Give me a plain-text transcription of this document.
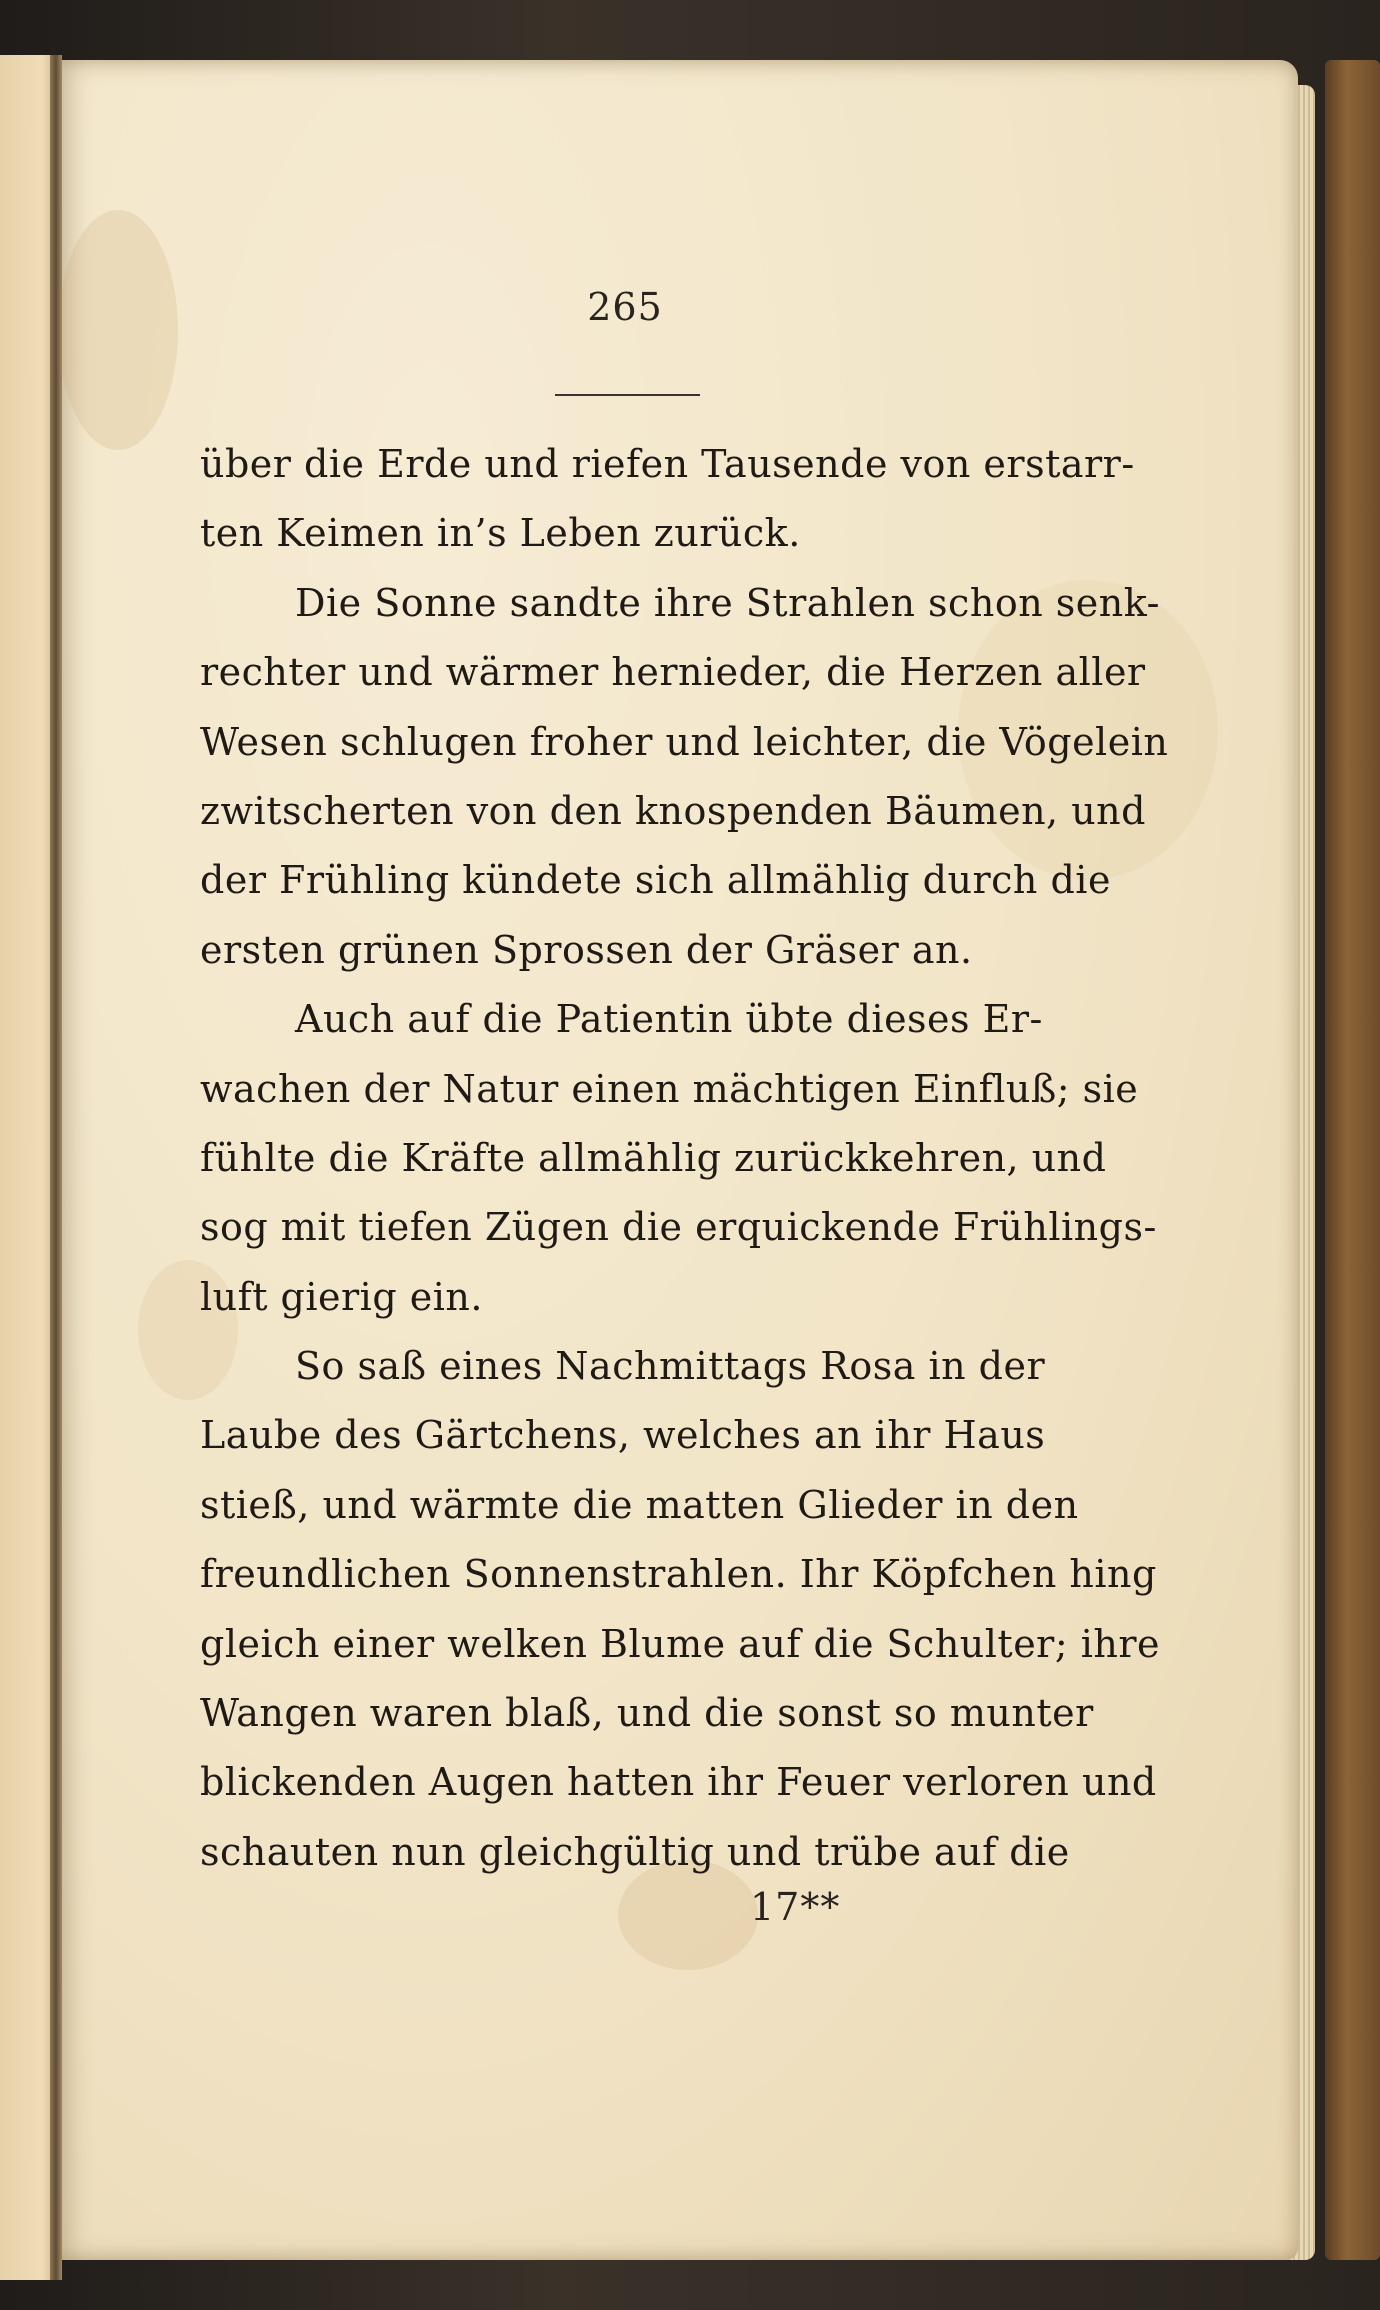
265
über die Erde und riefen Tausende von erstarr-
ten Keimen in’s Leben zurück.
Die Sonne sandte ihre Strahlen schon senk-
rechter und wärmer hernieder, die Herzen aller
Wesen schlugen froher und leichter, die Vögelein
zwitscherten von den knospenden Bäumen, und
der Frühling kündete sich allmählig durch die
ersten grünen Sprossen der Gräser an.
Auch auf die Patientin übte dieses Er-
wachen der Natur einen mächtigen Einfluß; sie
fühlte die Kräfte allmählig zurückkehren, und
sog mit tiefen Zügen die erquickende Frühlings-
luft gierig ein.
So saß eines Nachmittags Rosa in der
Laube des Gärtchens, welches an ihr Haus
stieß, und wärmte die matten Glieder in den
freundlichen Sonnenstrahlen. Ihr Köpfchen hing
gleich einer welken Blume auf die Schulter; ihre
Wangen waren blaß, und die sonst so munter
blickenden Augen hatten ihr Feuer verloren und
schauten nun gleichgültig und trübe auf die
17**
